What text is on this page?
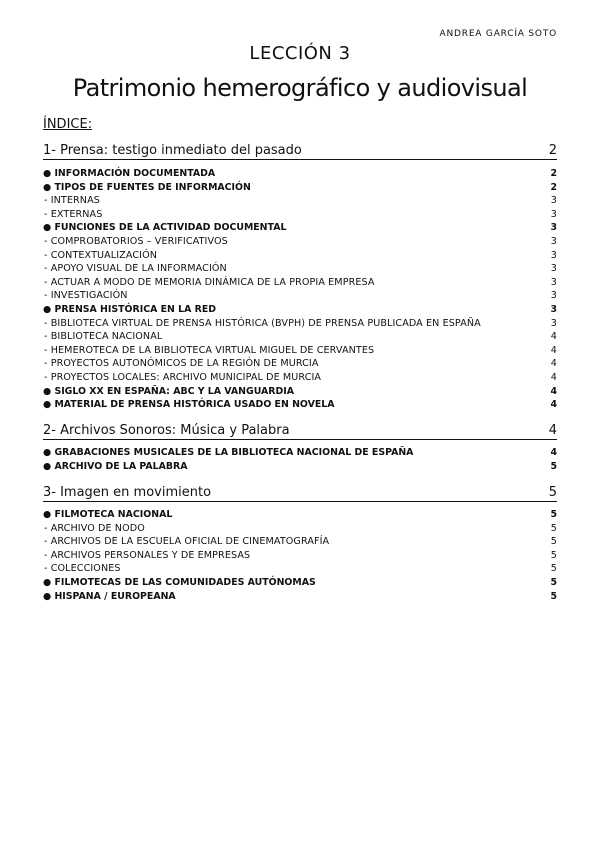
ANDREA GARCÍA SOTO
LECCIÓN 3
Patrimonio hemerográfico y audiovisual
ÍNDICE:
1- Prensa: testigo inmediato del pasado	2
● INFORMACIÓN DOCUMENTADA	2
● TIPOS DE FUENTES DE INFORMACIÓN	2
- INTERNAS	3
- EXTERNAS	3
● FUNCIONES DE LA ACTIVIDAD DOCUMENTAL	3
- COMPROBATORIOS – VERIFICATIVOS	3
- CONTEXTUALIZACIÓN	3
- APOYO VISUAL DE LA INFORMACIÓN	3
- ACTUAR A MODO DE MEMORIA DINÁMICA DE LA PROPIA EMPRESA	3
- INVESTIGACIÓN	3
● PRENSA HISTÓRICA EN LA RED	3
- BIBLIOTECA VIRTUAL DE PRENSA HISTÓRICA (BVPH) DE PRENSA PUBLICADA EN ESPAÑA	3
- BIBLIOTECA NACIONAL	4
- HEMEROTECA DE LA BIBLIOTECA VIRTUAL MIGUEL DE CERVANTES	4
- PROYECTOS AUTONÓMICOS DE LA REGIÓN DE MURCIA	4
- PROYECTOS LOCALES: ARCHIVO MUNICIPAL DE MURCIA	4
● SIGLO XX EN ESPAÑA: ABC Y LA VANGUARDIA	4
● MATERIAL DE PRENSA HISTÓRICA USADO EN NOVELA	4
2- Archivos Sonoros: Música y Palabra	4
● GRABACIONES MUSICALES DE LA BIBLIOTECA NACIONAL DE ESPAÑA	4
● ARCHIVO DE LA PALABRA	5
3- Imagen en movimiento	5
● FILMOTECA NACIONAL	5
- ARCHIVO DE NODO	5
- ARCHIVOS DE LA ESCUELA OFICIAL DE CINEMATOGRAFÍA	5
- ARCHIVOS PERSONALES Y DE EMPRESAS	5
- COLECCIONES	5
● FILMOTECAS DE LAS COMUNIDADES AUTÓNOMAS	5
● HISPANA / EUROPEANA	5
